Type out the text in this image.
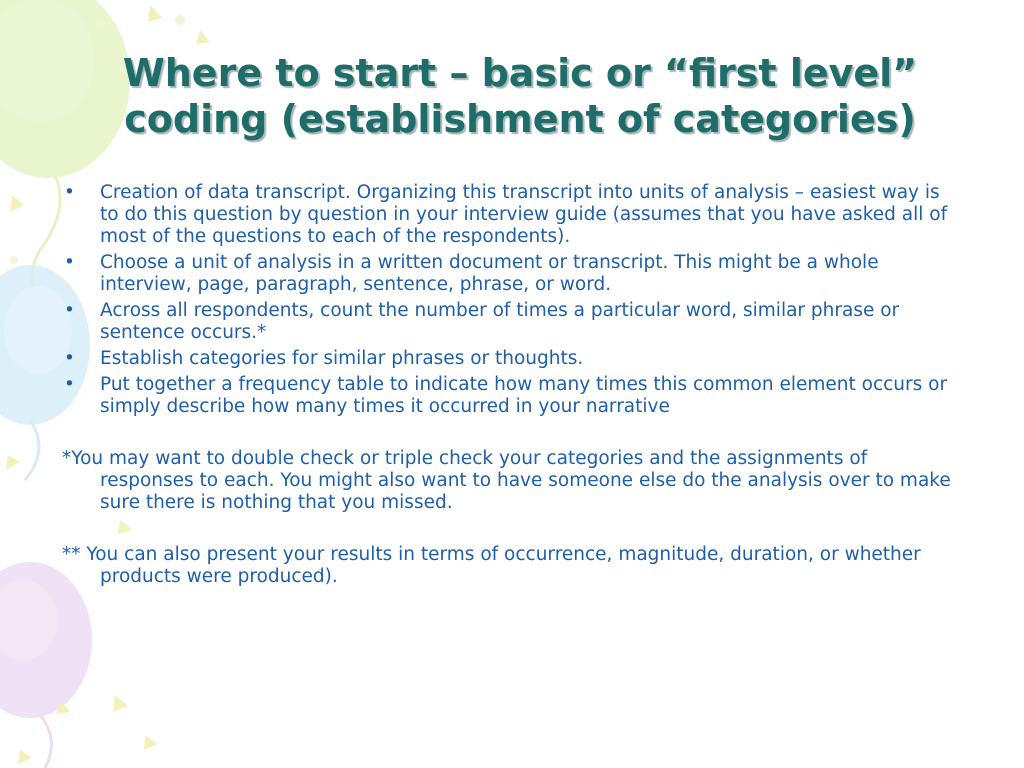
Where to start – basic or “first level”
coding (establishment of categories)
• Creation of data transcript. Organizing this transcript into units of analysis – easiest way is to do this question by question in your interview guide (assumes that you have asked all of most of the questions to each of the respondents).
• Choose a unit of analysis in a written document or transcript. This might be a whole interview, page, paragraph, sentence, phrase, or word.
• Across all respondents, count the number of times a particular word, similar phrase or sentence occurs.*
• Establish categories for similar phrases or thoughts.
• Put together a frequency table to indicate how many times this common element occurs or simply describe how many times it occurred in your narrative

*You may want to double check or triple check your categories and the assignments of responses to each. You might also want to have someone else do the analysis over to make sure there is nothing that you missed.

** You can also present your results in terms of occurrence, magnitude, duration, or whether products were produced).
